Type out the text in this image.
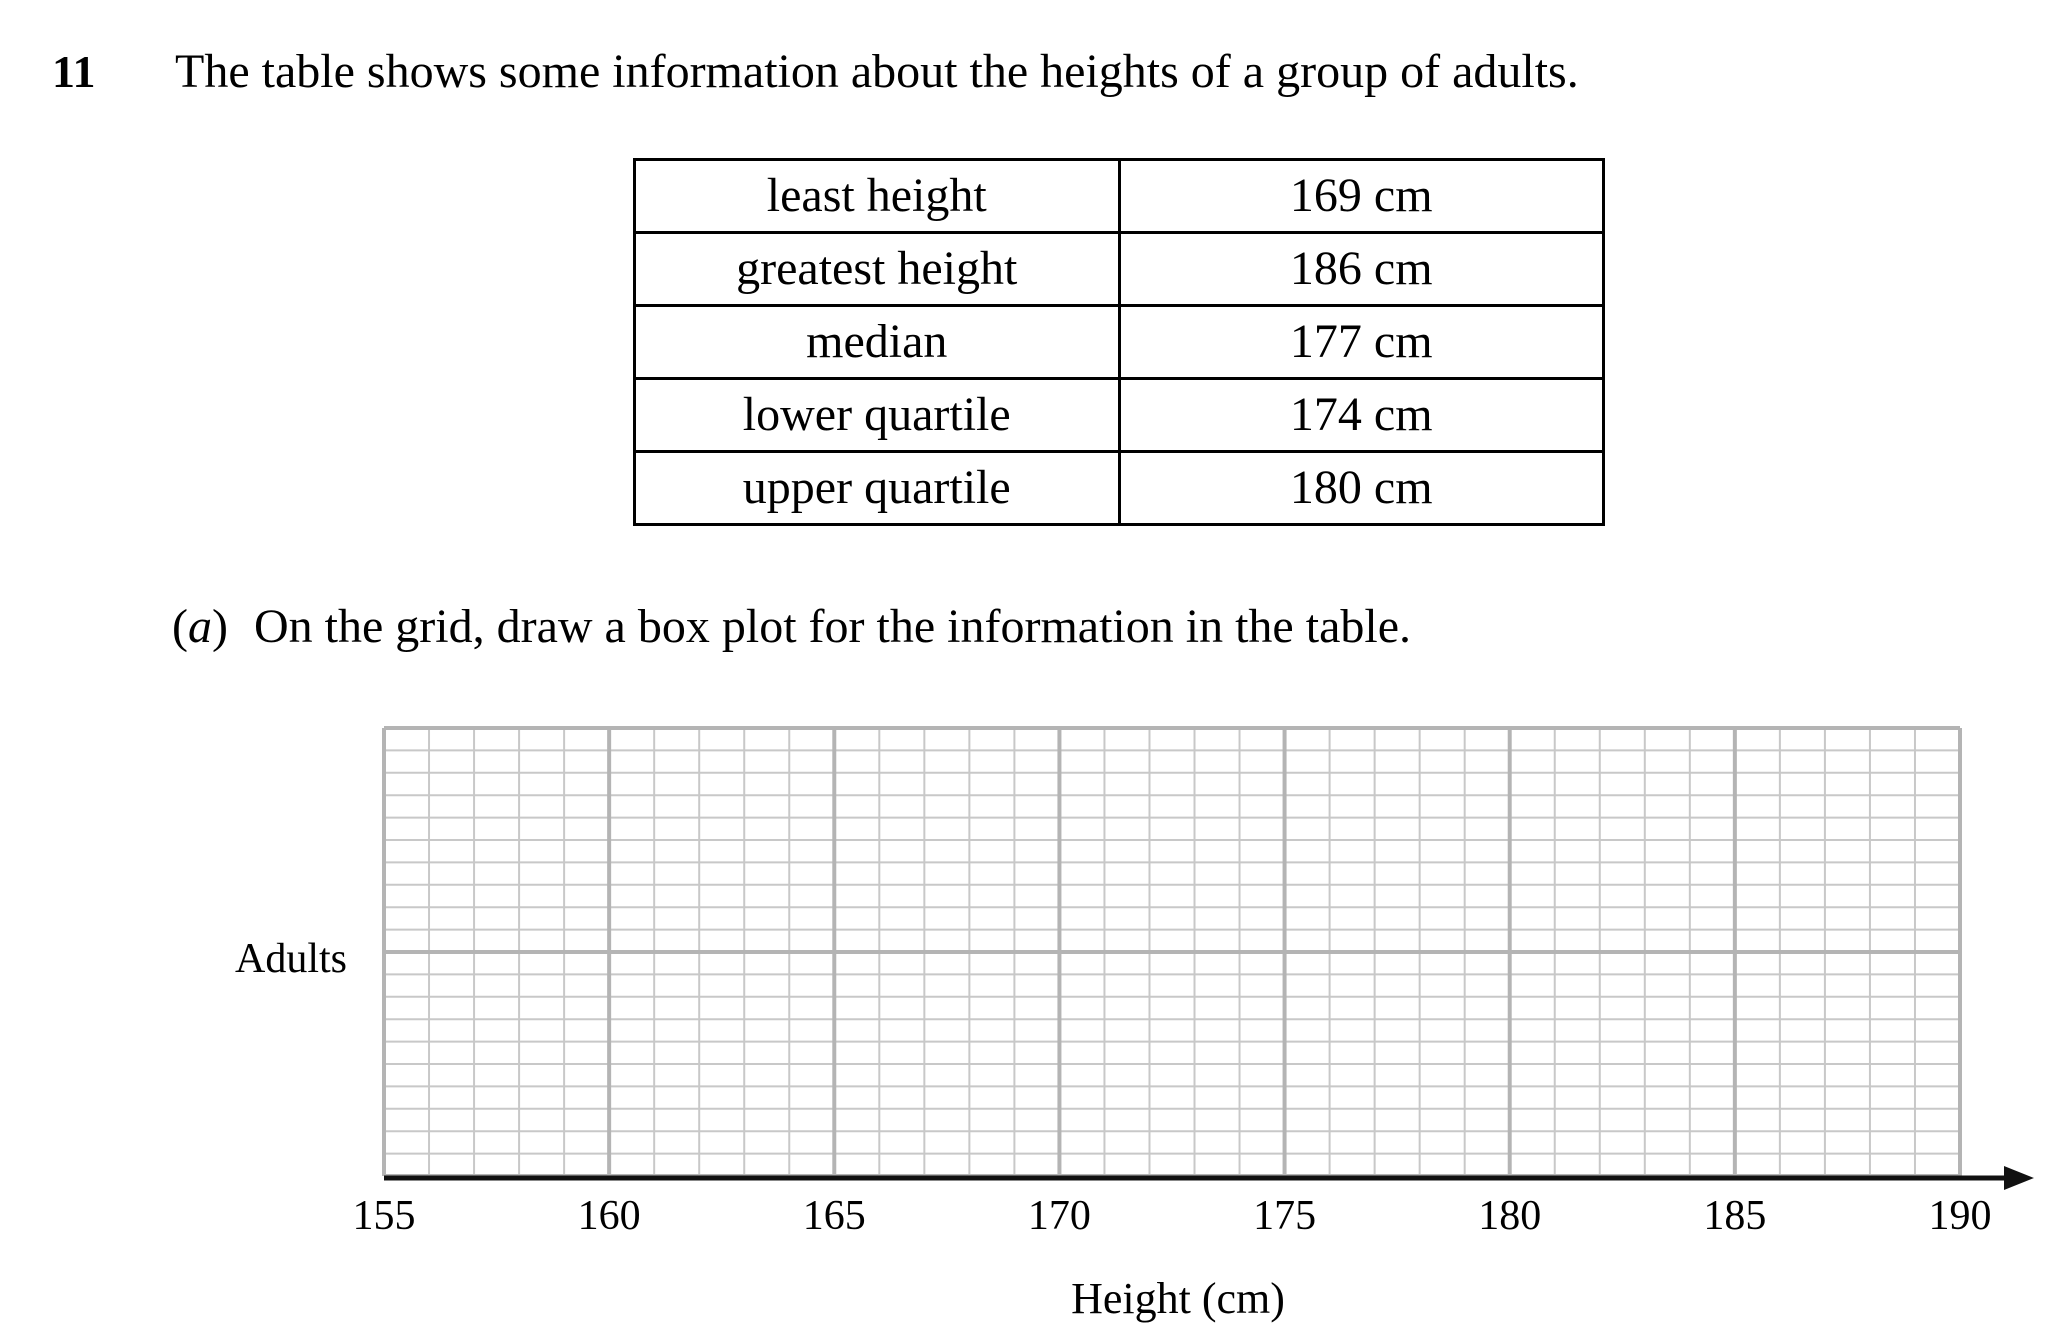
11 The table shows some information about the heights of a group of adults.
least height	169 cm
greatest height	186 cm
median	177 cm
lower quartile	174 cm
upper quartile	180 cm
(a) On the grid, draw a box plot for the information in the table.
155	160	165	170	175	180	185	190
Adults
Height (cm)
